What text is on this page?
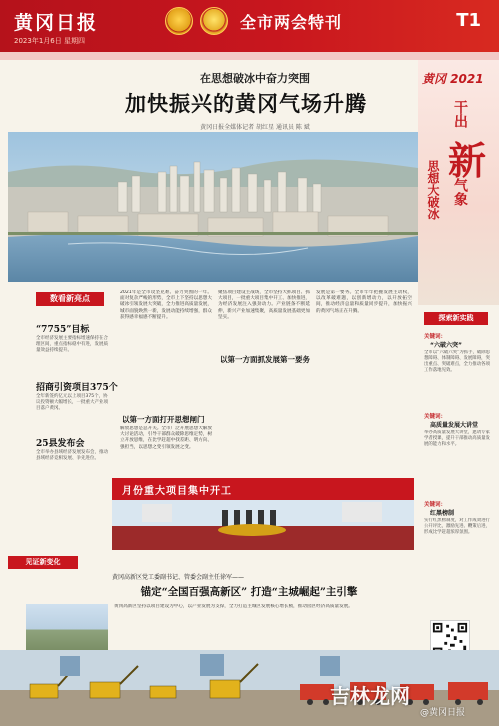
黄冈日报
2023年1月6日 星期四
全市两会特刊	T1
在思想破冰中奋力突围
加快振兴的黄冈气场升腾
黄冈日报全媒体记者 胡红星 通讯员 陈 斌
黄冈 2021
干出
新
气象
思想大破冰
数看新亮点
“7755”目标
全市经济发展主要指标增速保持在合理区间，重点指标稳中有进，发展质量效益持续提升。
招商引资项目375个
全年新签约亿元以上项目375个，协议投资额大幅增长，一批重大产业项目落户黄冈。
25县发布会
全市举办县域经济发展发布会，推动县域经济竞相发展、争先进位。
2021年是全市攻坚克难、奋力突围的一年。面对复杂严峻的形势，全市上下坚持以思想大破冰引领发展大突破，全力推进高质量发展，城市面貌焕然一新，发展动能持续增强，群众获得感幸福感不断提升。
以第一方面打开思想闸门
解放思想是总开关。全市广泛开展思想大解放大讨论活动，引导干部群众破除思维定势，树立开放思维，在比学赶超中找差距、明方向、强担当，以思想之变引领发展之变。
聚焦项目建设主战场，全市坚持大抓项目、抓大项目，一批重大项目集中开工、加快推进，为经济发展注入强劲动力。产业链条不断延伸，新兴产业加速集聚，高质量发展基础更加坚实。
以第一方面抓发展第一要务
发展是第一要务。全市牢牢把握发展主动权，以改革破难题，以创新增动力，以开放拓空间，推动经济总量和质量同步提升，加快振兴的黄冈气场正在升腾。
月份重大项目集中开工
探索新实践
关键词：
“六破六突”
全市以“六破六突”为抓手，破除思想障碍、体制障碍、发展障碍，突出重点、突破难点，全力推动各项工作落地见效。
关键词：
高质量发展大讲堂
举办高质量发展大讲堂，邀请专家学者授课，提升干部推动高质量发展的能力和水平。
关键词：
红黑榜制
实行红黑榜制度，对工作成效进行公开评比，激励先进、鞭策后进，形成比学赶超浓厚氛围。
见证新变化
黄冈高新区党工委副书记、管委会副主任徐军——
锚定“全国百强高新区” 打造“主城崛起”主引擎
黄冈高新区坚持以项目建设为中心，以产业发展为支撑，全力打造主城区发展核心增长极，推动园区经济高质量发展。
吉林龙网
@黄冈日报
